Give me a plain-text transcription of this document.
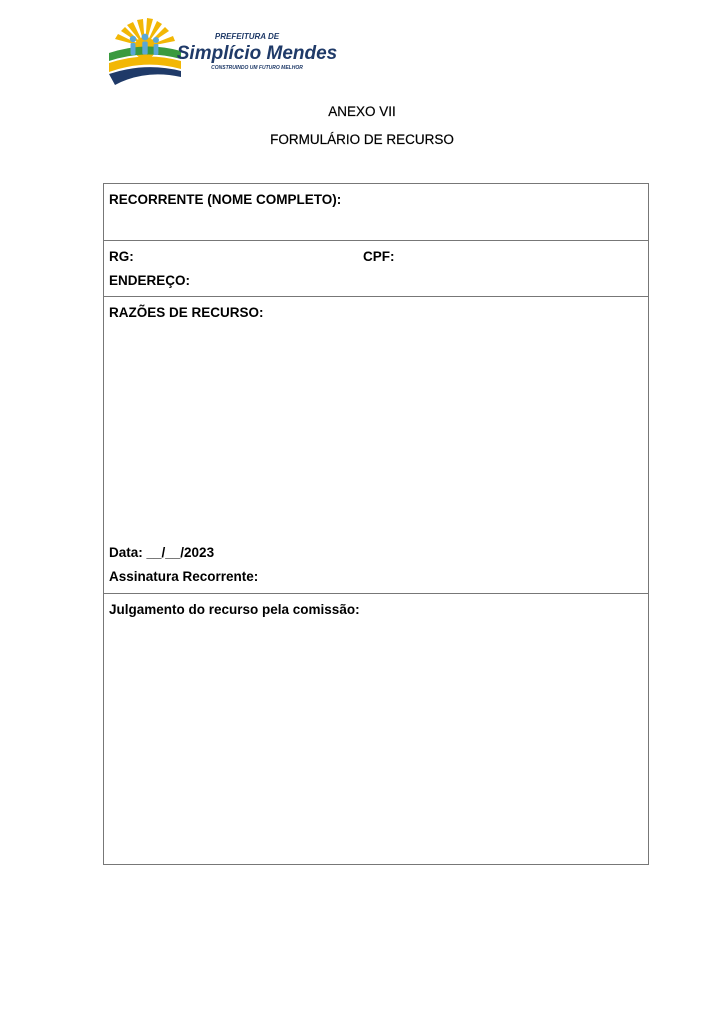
PREFEITURA DE
Simplício Mendes
CONSTRUINDO UM FUTURO MELHOR
ANEXO VII
FORMULÁRIO DE RECURSO
RECORRENTE (NOME COMPLETO):
RG:	CPF:
ENDEREÇO:
RAZÕES DE RECURSO:
Data: __/__/2023
Assinatura Recorrente:
Julgamento do recurso pela comissão:
